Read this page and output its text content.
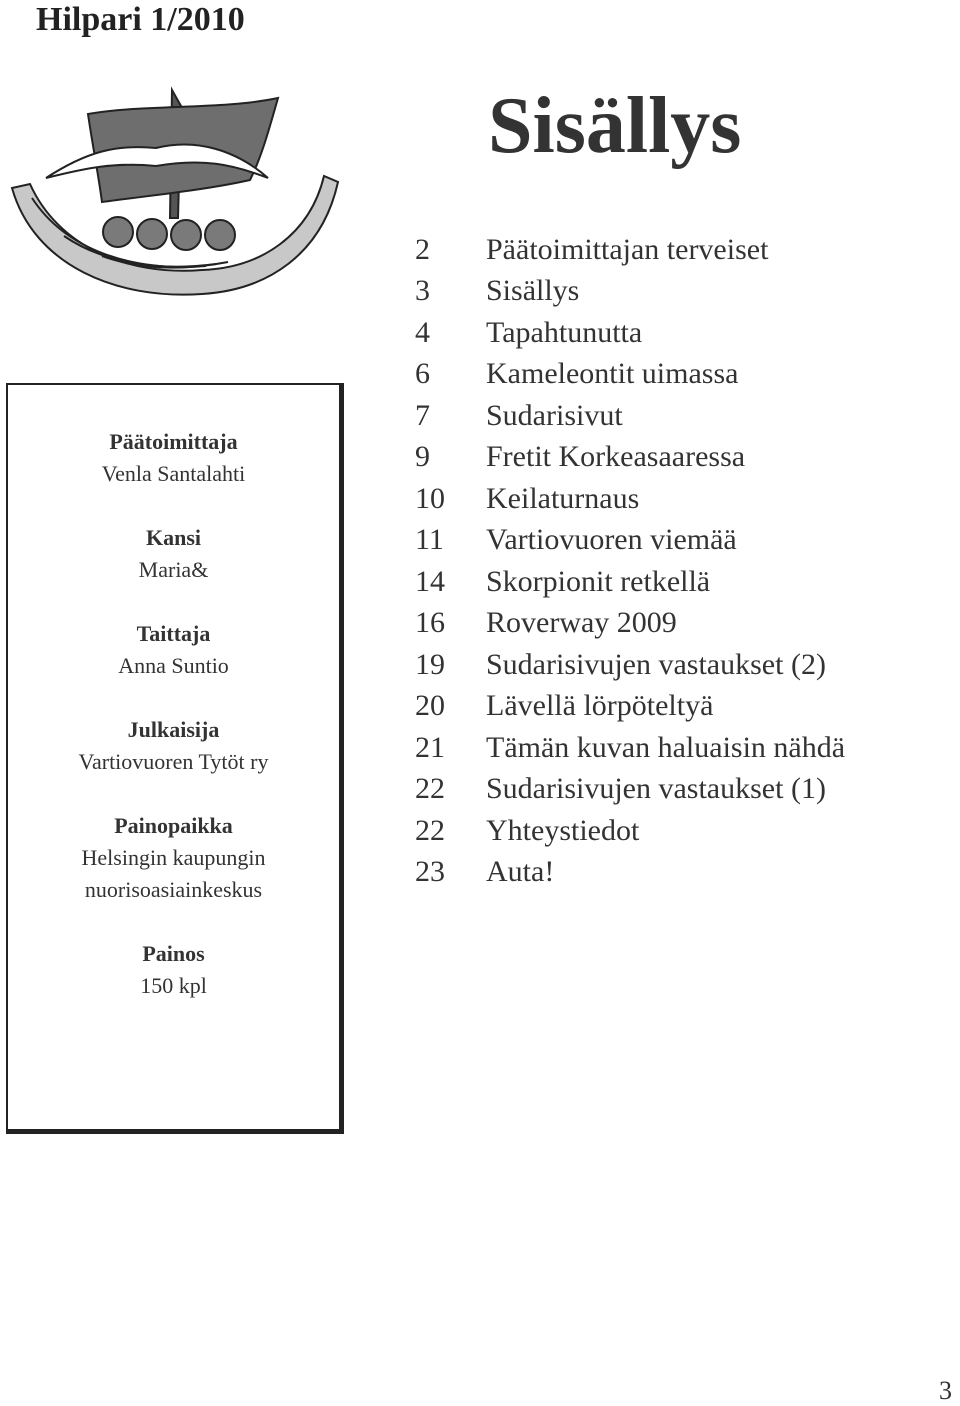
Hilpari 1/2010
Sisällys
2	Päätoimittajan terveiset
3	Sisällys
4	Tapahtunutta
6	Kameleontit uimassa
7	Sudarisivut
9	Fretit Korkeasaaressa
10	Keilaturnaus
11	Vartiovuoren viemää
14	Skorpionit retkellä
16	Roverway 2009
19	Sudarisivujen vastaukset (2)
20	Lävellä lörpöteltyä
21	Tämän kuvan haluaisin nähdä
22	Sudarisivujen vastaukset (1)
22	Yhteystiedot
23	Auta!
Päätoimittaja
Venla Santalahti
Kansi
Maria&
Taittaja
Anna Suntio
Julkaisija
Vartiovuoren Tytöt ry
Painopaikka
Helsingin kaupungin
nuorisoasiainkeskus
Painos
150 kpl
3
